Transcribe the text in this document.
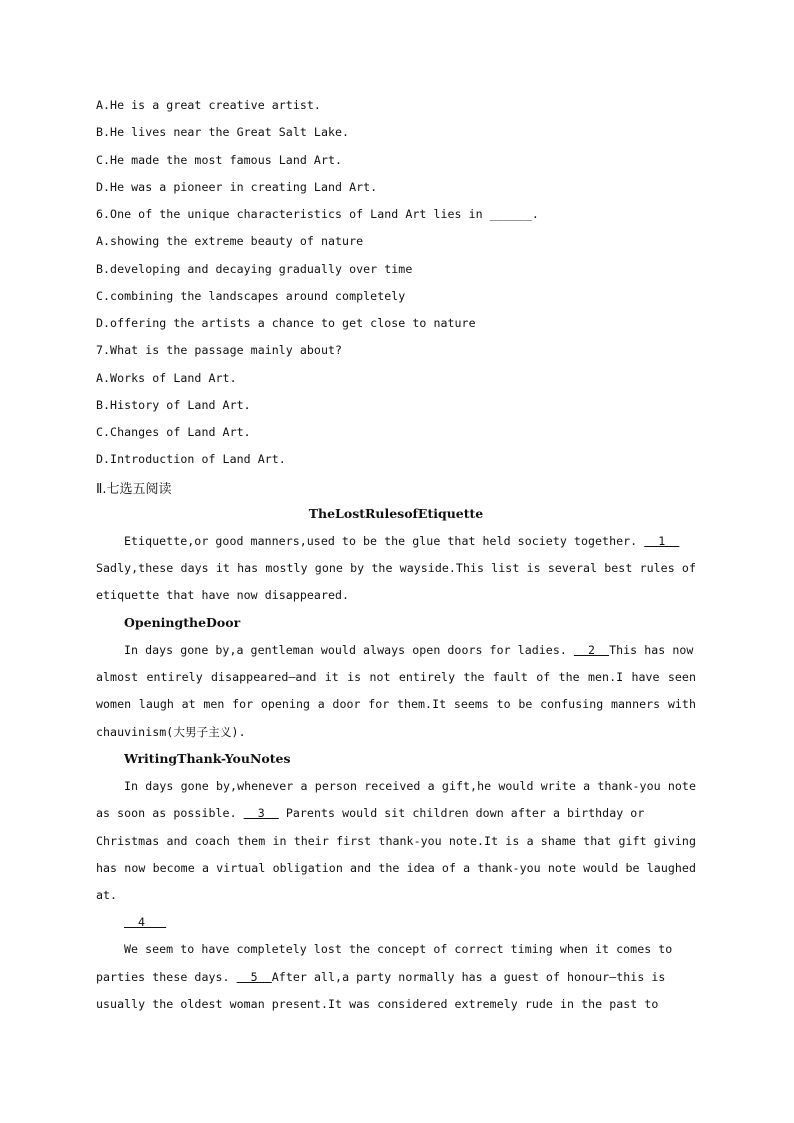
A.He is a great creative artist.
B.He lives near the Great Salt Lake.
C.He made the most famous Land Art.
D.He was a pioneer in creating Land Art.
6.One of the unique characteristics of Land Art lies in ______.
A.showing the extreme beauty of nature
B.developing and decaying gradually over time
C.combining the landscapes around completely
D.offering the artists a chance to get close to nature
7.What is the passage mainly about?
A.Works of Land Art.
B.History of Land Art.
C.Changes of Land Art.
D.Introduction of Land Art.
Ⅱ.七选五阅读
TheLostRulesofEtiquette
Etiquette,or good manners,used to be the glue that held society together.   1
Sadly,these days it has mostly gone by the wayside.This list is several best rules of
etiquette that have now disappeared.
OpeningtheDoor
In days gone by,a gentleman would always open doors for ladies.   2  This has now
almost entirely disappeared—and it is not entirely the fault of the men.I have seen
women laugh at men for opening a door for them.It seems to be confusing manners with
chauvinism(大男子主义).
WritingThank-YouNotes
In days gone by,whenever a person received a gift,he would write a thank-you note
as soon as possible.   3   Parents would sit children down after a birthday or
Christmas and coach them in their first thank-you note.It is a shame that gift giving
has now become a virtual obligation and the idea of a thank-you note would be laughed
at.
4
We seem to have completely lost the concept of correct timing when it comes to
parties these days.   5  After all,a party normally has a guest of honour—this is
usually the oldest woman present.It was considered extremely rude in the past to
